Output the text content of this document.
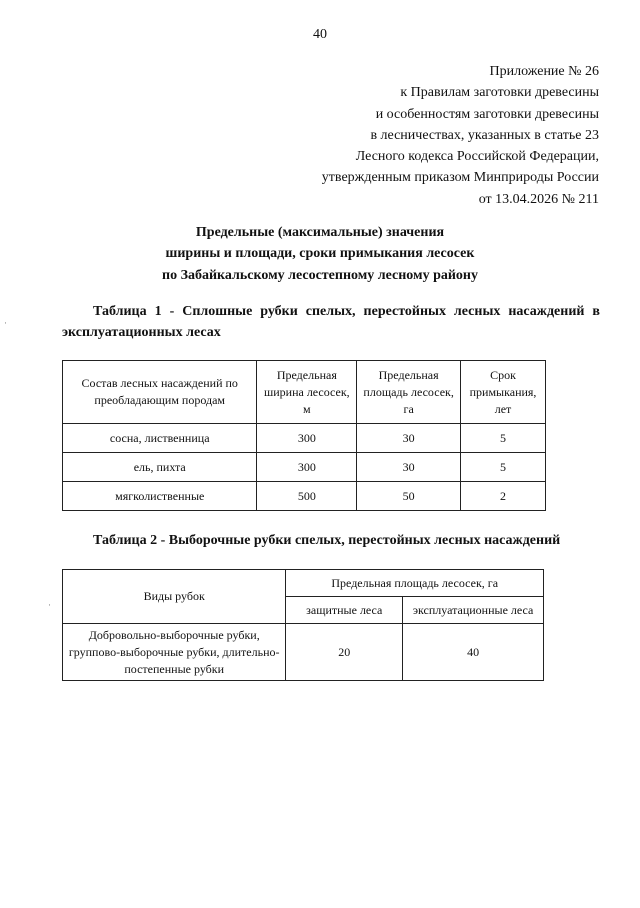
40
Приложение № 26
к Правилам заготовки древесины
и особенностям заготовки древесины
в лесничествах, указанных в статье 23
Лесного кодекса Российской Федерации,
утвержденным приказом Минприроды России
от 13.04.2026 № 211
Предельные (максимальные) значения
ширины и площади, сроки примыкания лесосек
по Забайкальскому лесостепному лесному району
Таблица 1 - Сплошные рубки спелых, перестойных лесных насаждений в эксплуатационных лесах
Состав лесных насаждений по преобладающим породам	Предельная ширина лесосек, м	Предельная площадь лесосек, га	Срок примыкания, лет
сосна, лиственница	300	30	5
ель, пихта	300	30	5
мягколиственные	500	50	2
Таблица 2 - Выборочные рубки спелых, перестойных лесных насаждений
Виды рубок	Предельная площадь лесосек, га	
	защитные леса	эксплуатационные леса
Добровольно-выборочные рубки, групповo-выборочные рубки, длительно-постепенные рубки	20	40
·
·
